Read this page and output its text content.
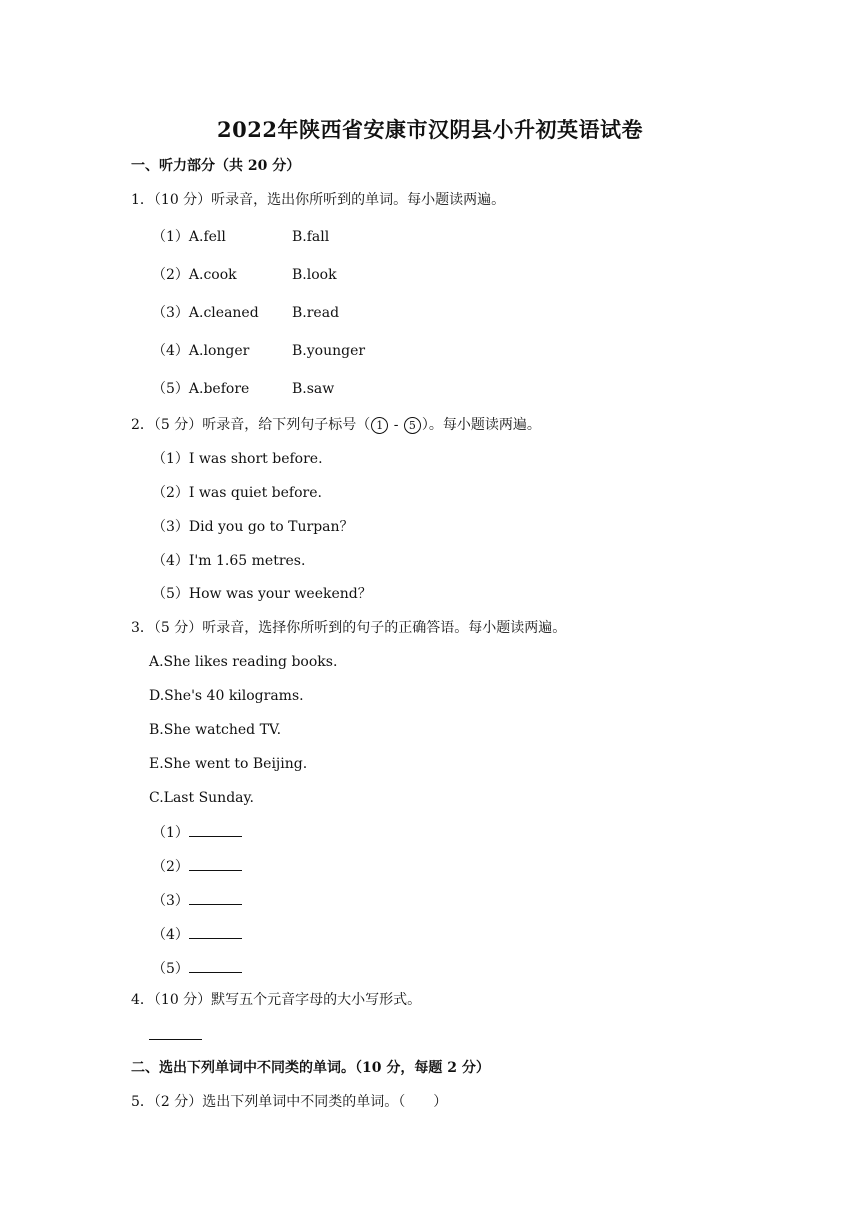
2022年陕西省安康市汉阴县小升初英语试卷
一、听力部分（共 20 分）
1．（10 分）听录音，选出你所听到的单词。每小题读两遍。
（1）A.fell	B.fall
（2）A.cook	B.look
（3）A.cleaned B.read
（4）A.longer	B.younger
（5）A.before	B.saw
2．（5 分）听录音，给下列句子标号（ 1 - 5 ）。每小题读两遍。
（1）I was short before.
（2）I was quiet before.
（3）Did you go to Turpan？
（4）I'm 1.65 metres.
（5）How was your weekend？
3．（5 分）听录音，选择你所听到的句子的正确答语。每小题读两遍。
A.She likes reading books.
D.She's 40 kilograms.
B.She watched TV.
E.She went to Beijing.
C.Last Sunday.
（1）
（2）
（3）
（4）
（5）
4．（10 分）默写五个元音字母的大小写形式。
二、选出下列单词中不同类的单词。（10 分，每题 2 分）
5．（2 分）选出下列单词中不同类的单词。（　　）
